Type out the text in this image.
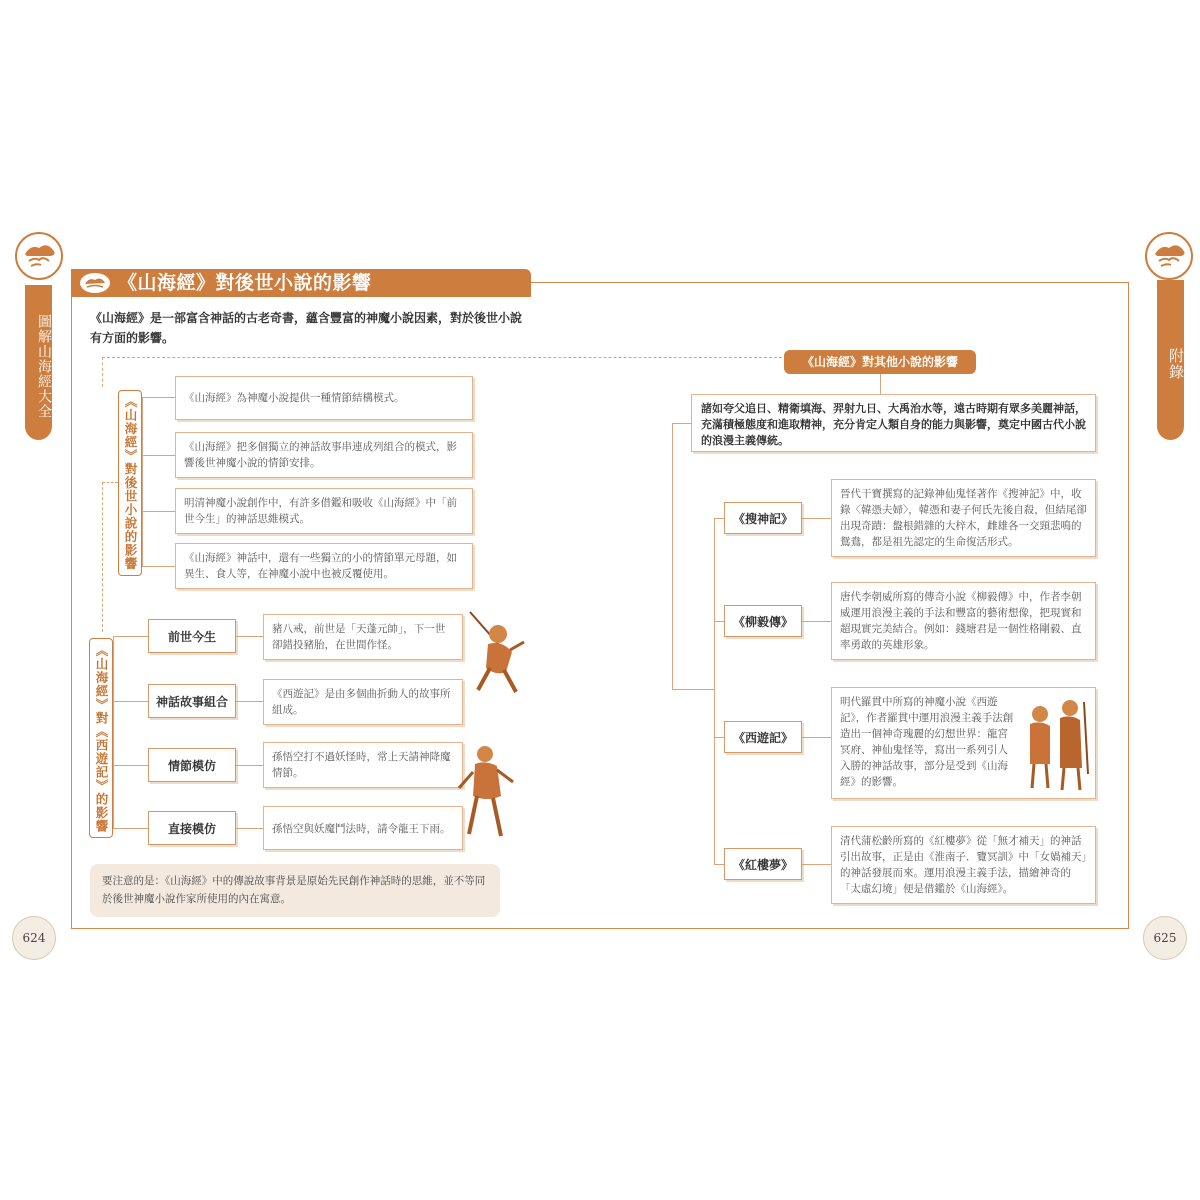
圖解山海經大全
624
附錄
625
《山海經》對後世小說的影響
《山海經》是一部富含神話的古老奇書，蘊含豐富的神魔小說因素，對於後世小說有方面的影響。
《山海經》對後世小說的影響	《山海經》為神魔小說提供一種情節結構模式。
《山海經》把多個獨立的神話故事串連成列組合的模式，影響後世神魔小說的情節安排。
明清神魔小說創作中，有許多借鑑和吸收《山海經》中「前世今生」的神話思維模式。
《山海經》神話中，還有一些獨立的小的情節單元母題，如異生、食人等，在神魔小說中也被反覆使用。
《山海經》對《西遊記》的影響
前世今生
神話故事組合
情節模仿
直接模仿
豬八戒，前世是「天蓬元帥」，下一世卻錯投豬胎，在世間作怪。
《西遊記》是由多個曲折動人的故事所組成。
孫悟空打不過妖怪時，常上天請神降魔情節。
孫悟空與妖魔鬥法時，請令龍王下雨。
要注意的是：《山海經》中的傳說故事背景是原始先民創作神話時的思維，並不等同於後世神魔小說作家所使用的內在寓意。
《山海經》對其他小說的影響
諸如夸父追日、精衛填海、羿射九日、大禹治水等，遠古時期有眾多美麗神話，充滿積極態度和進取精神，充分肯定人類自身的能力與影響，奠定中國古代小說的浪漫主義傳統。
《搜神記》
《柳毅傳》
《西遊記》
《紅樓夢》
晉代干寶撰寫的記錄神仙鬼怪著作《搜神記》中，收錄〈韓憑夫婦〉，韓憑和妻子何氏先後自殺，但結尾卻出現奇蹟：盤根錯雜的大梓木，雌雄各一交頸悲鳴的鴛鴦，都是祖先認定的生命復活形式。
唐代李朝威所寫的傳奇小說《柳毅傳》中，作者李朝威運用浪漫主義的手法和豐富的藝術想像，把現實和超現實完美結合。例如：錢塘君是一個性格剛毅、直率勇敢的英雄形象。
明代羅貫中所寫的神魔小說《西遊記》，作者羅貫中運用浪漫主義手法創造出一個神奇瑰麗的幻想世界：龍宮冥府、神仙鬼怪等，寫出一系列引人入勝的神話故事，部分是受到《山海經》的影響。
清代蒲松齡所寫的《紅樓夢》從「無才補天」的神話引出故事，正是由《淮南子．覽冥訓》中「女媧補天」的神話發展而來。運用浪漫主義手法，描繪神奇的「太虛幻境」便是借鑑於《山海經》。
